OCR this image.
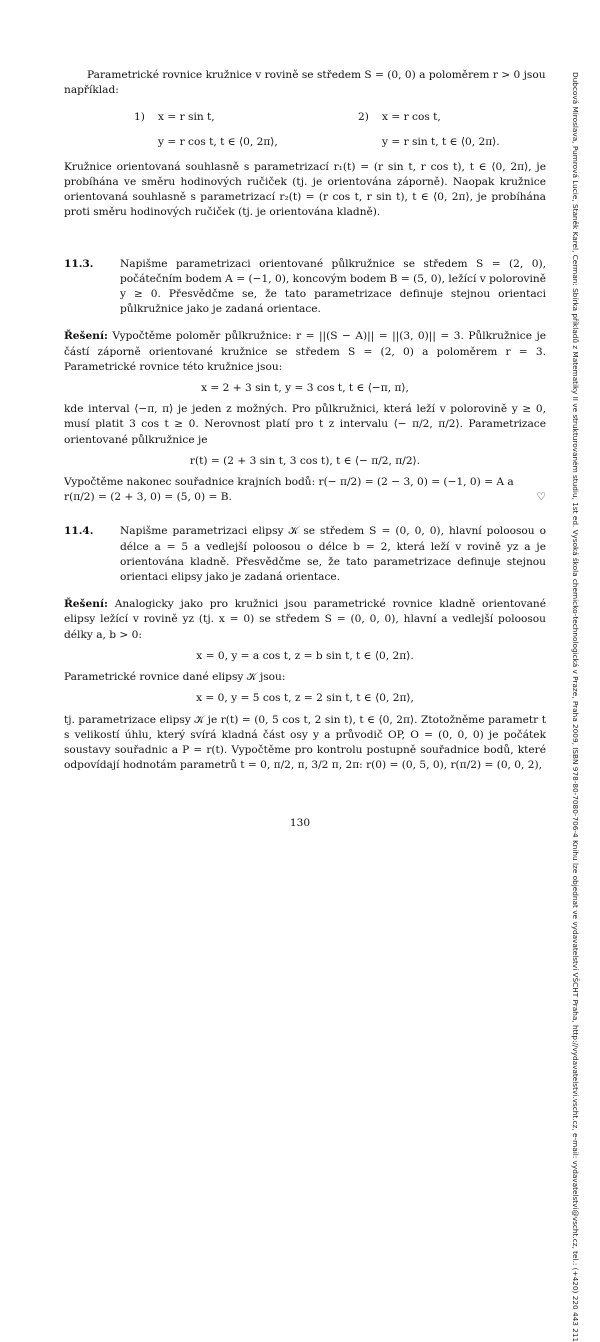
Parametrické rovnice kružnice v rovině se středem S = (0, 0) a poloměrem r > 0 jsou

například:

1)	x = r sin t,	2)	x = r cos t,
y = r cos t, t ∈ ⟨0, 2π⟩,	y = r sin t, t ∈ ⟨0, 2π⟩.

Kružnice orientovaná souhlasně s parametrizací r₁(t) = (r sin t, r cos t), t ∈ ⟨0, 2π⟩, je probíhána ve směru hodinových ručiček (tj. je orientována záporně). Naopak kružnice orientovaná souhlasně s parametrizací r₂(t) = (r cos t, r sin t), t ∈ ⟨0, 2π⟩, je probíhána proti směru hodinových ručiček (tj. je orientována kladně).

11.3.	Napišme parametrizaci orientované půlkružnice se středem S = (2, 0), počátečním bodem A = (−1, 0), koncovým bodem B = (5, 0), ležící v polorovině y ≥ 0. Přesvědčme se, že tato parametrizace definuje stejnou orientaci půlkružnice jako je zadaná orientace.

Řešení: Vypočtěme poloměr půlkružnice: r = ||(S − A)|| = ||(3, 0)|| = 3. Půlkružnice je částí záporně orientované kružnice se středem S = (2, 0) a poloměrem r = 3. Parametrické rovnice této kružnice jsou:

x = 2 + 3 sin t, y = 3 cos t, t ∈ ⟨−π, π⟩,

kde interval ⟨−π, π⟩ je jeden z možných. Pro půlkružnici, která leží v polorovině y ≥ 0, musí platit 3 cos t ≥ 0. Nerovnost platí pro t z intervalu ⟨− π/2, π/2⟩. Parametrizace orientované půlkružnice je

r(t) = (2 + 3 sin t, 3 cos t), t ∈ ⟨− π/2, π/2⟩.

Vypočtěme nakonec souřadnice krajních bodů: r(− π/2) = (2 − 3, 0) = (−1, 0) = A a

r(π/2) = (2 + 3, 0) = (5, 0) = B.	♡
11.4.	Napišme parametrizaci elipsy 𝒦 se středem S = (0, 0, 0), hlavní poloosou o délce a = 5 a vedlejší poloosou o délce b = 2, která leží v rovině yz a je orientována kladně. Přesvědčme se, že tato parametrizace definuje stejnou orientaci elipsy jako je zadaná orientace.

Řešení: Analogicky jako pro kružnici jsou parametrické rovnice kladně orientované elipsy ležící v rovině yz (tj. x = 0) se středem S = (0, 0, 0), hlavní a vedlejší poloosou délky a, b > 0:

x = 0, y = a cos t, z = b sin t, t ∈ ⟨0, 2π⟩.

Parametrické rovnice dané elipsy 𝒦 jsou:

x = 0, y = 5 cos t, z = 2 sin t, t ∈ ⟨0, 2π⟩,

tj. parametrizace elipsy 𝒦 je r(t) = (0, 5 cos t, 2 sin t), t ∈ ⟨0, 2π⟩. Ztotožněme parametr t s velikostí úhlu, který svírá kladná část osy y a průvodič OP, O = (0, 0, 0) je počátek soustavy souřadnic a P = r(t). Vypočtěme pro kontrolu postupně souřadnice bodů, které odpovídají hodnotám parametrů t = 0, π/2, π, 3/2 π, 2π: r(0) = (0, 5, 0), r(π/2) = (0, 0, 2),

130	Dubcová Miroslava, Pumrová Lucie, Staněk Karel, Cerman: Sbírka příkladů z Matematiky II ve strukturovaném studiu, 1st ed. Vysoká škola chemicko-technologická v Praze, Praha 2009, ISBN 978-80-7080-706-4 Knihu lze objednat ve vydavatelství VŠCHT Praha, http://vydavatelstvi.vscht.cz, e-mail: vydavatelstvi@vscht.cz, tel.: (+420) 220 443 211
